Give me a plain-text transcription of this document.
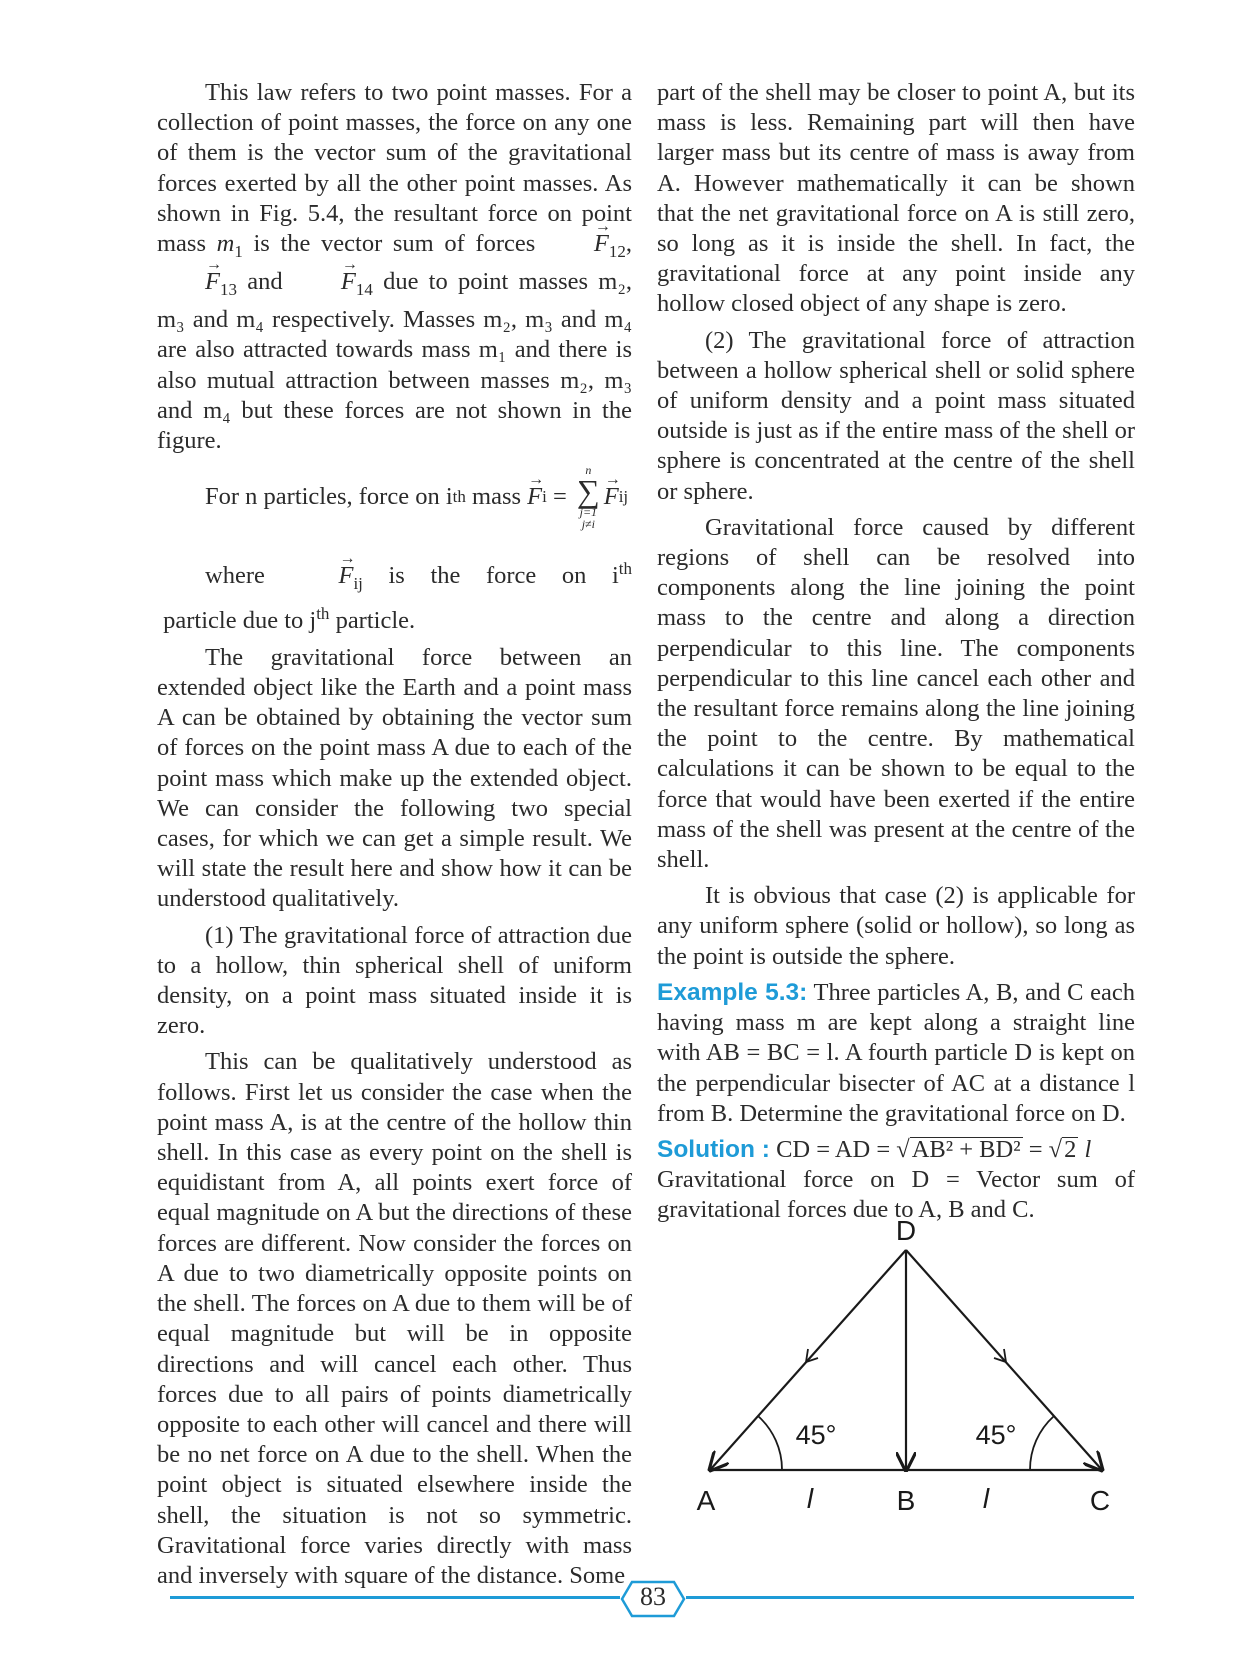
This law refers to two point masses. For a collection of point masses, the force on any one of them is the vector sum of the gravitational forces exerted by all the other point masses. As shown in Fig. 5.4, the resultant force on point mass $m_1$ is the vector sum of forces → $F_{12}$, → $F_{13}$ and → $F_{14}$ due to point masses m₂, m₃ and m₄ respectively. Masses m₂, m₃ and m₄ are also attracted towards mass m₁ and there is also mutual attraction between masses m₂, m₃ and m₄ but these forces are not shown in the figure.

For n particles, force on i th mass → F i =
n
∑
j=1
j≠i
→ F ij

where	→ $F_{ij}$ is the force on $i^{th}$ particle due to $j^{th}$ particle.

The gravitational force between an extended object like the Earth and a point mass A can be obtained by obtaining the vector sum of forces on the point mass A due to each of the point mass which make up the extended object. We can consider the following two special cases, for which we can get a simple result. We will state the result here and show how it can be understood qualitatively.

(1) The gravitational force of attraction due to a hollow, thin spherical shell of uniform density, on a point mass situated inside it is zero.

This can be qualitatively understood as follows. First let us consider the case when the point mass A, is at the centre of the hollow thin shell. In this case as every point on the shell is equidistant from A, all points exert force of equal magnitude on A but the directions of these forces are different. Now consider the forces on A due to two diametrically opposite points on the shell. The forces on A due to them will be of equal magnitude but will be in opposite directions and will cancel each other. Thus forces due to all pairs of points diametrically opposite to each other will cancel and there will be no net force on A due to the shell. When the point object is situated elsewhere inside the shell, the situation is not so symmetric. Gravitational force varies directly with mass and inversely with square of the distance. Some

part of the shell may be closer to point A, but its mass is less. Remaining part will then have larger mass but its centre of mass is away from A. However mathematically it can be shown that the net gravitational force on A is still zero, so long as it is inside the shell. In fact, the gravitational force at any point inside any hollow closed object of any shape is zero.

(2) The gravitational force of attraction between a hollow spherical shell or solid sphere of uniform density and a point mass situated outside is just as if the entire mass of the shell or sphere is concentrated at the centre of the shell or sphere.

Gravitational force caused by different regions of shell can be resolved into components along the line joining the point mass to the centre and along a direction perpendicular to this line. The components perpendicular to this line cancel each other and the resultant force remains along the line joining the point to the centre. By mathematical calculations it can be shown to be equal to the force that would have been exerted if the entire mass of the shell was present at the centre of the shell.

It is obvious that case (2) is applicable for any uniform sphere (solid or hollow), so long as the point is outside the sphere.

Example 5.3: Three particles A, B, and C each having mass m are kept along a straight line with AB = BC = l. A fourth particle D is kept on the perpendicular bisecter of AC at a distance l from B. Determine the gravitational force on D.

Solution : CD = AD = √AB² + BD² = √2 l

Gravitational force on D = Vector sum of gravitational forces due to A, B and C.

D
A	B	C
l	l
45°	45°
83
